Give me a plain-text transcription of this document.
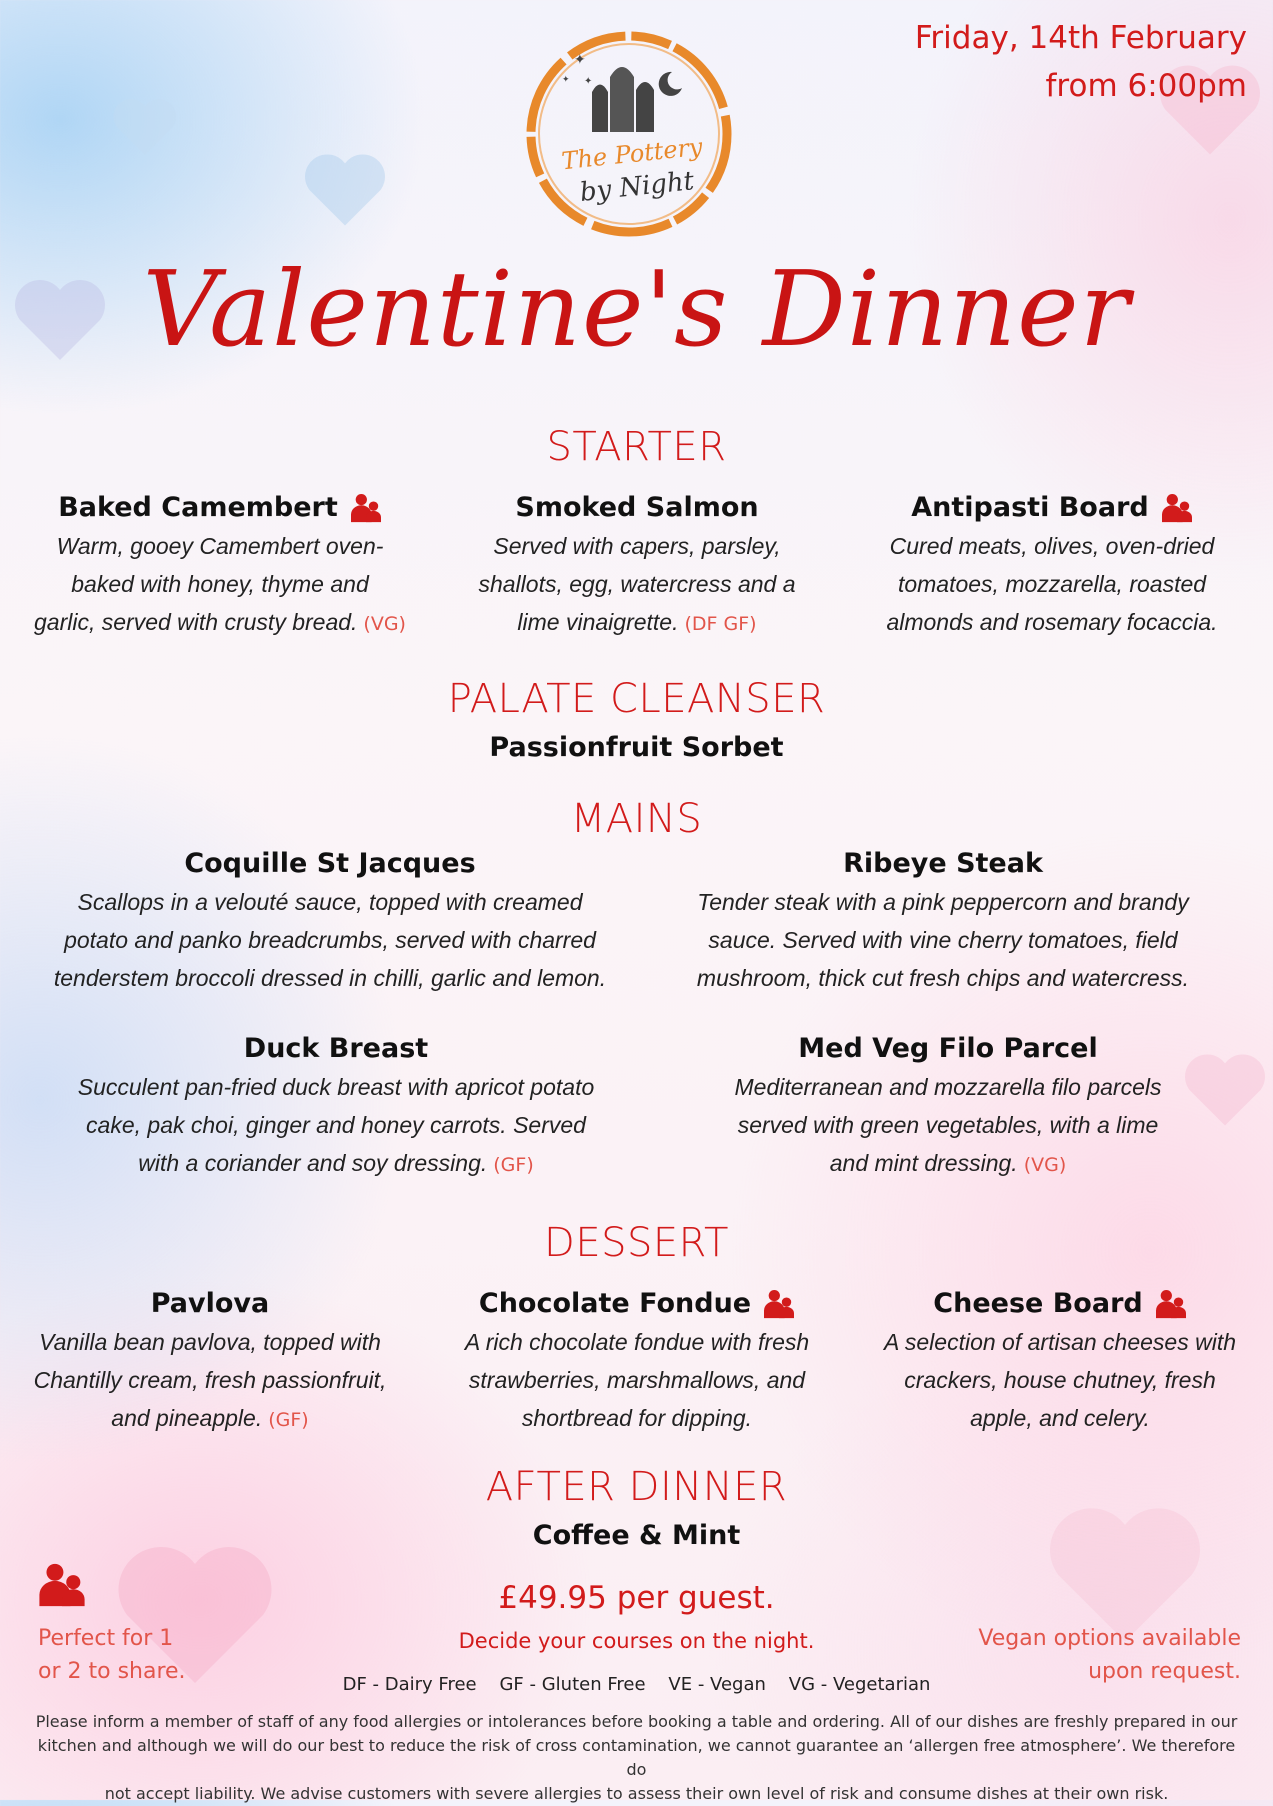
Friday, 14th February
from 6:00pm
✦
✦
✦
The Pottery
by Night
Valentine's Dinner
STARTER
Baked Camembert
Warm, gooey Camembert oven-
baked with honey, thyme and
garlic, served with crusty bread. (VG)
Smoked Salmon
Served with capers, parsley,
shallots, egg, watercress and a
lime vinaigrette. (DF GF)
Antipasti Board
Cured meats, olives, oven-dried
tomatoes, mozzarella, roasted
almonds and rosemary focaccia.
PALATE CLEANSER
Passionfruit Sorbet
MAINS
Coquille St Jacques
Scallops in a velouté sauce, topped with creamed
potato and panko breadcrumbs, served with charred
tenderstem broccoli dressed in chilli, garlic and lemon.
Ribeye Steak
Tender steak with a pink peppercorn and brandy
sauce. Served with vine cherry tomatoes, field
mushroom, thick cut fresh chips and watercress.
Duck Breast
Succulent pan-fried duck breast with apricot potato
cake, pak choi, ginger and honey carrots. Served
with a coriander and soy dressing. (GF)
Med Veg Filo Parcel
Mediterranean and mozzarella filo parcels
served with green vegetables, with a lime
and mint dressing. (VG)
DESSERT
Pavlova
Vanilla bean pavlova, topped with
Chantilly cream, fresh passionfruit,
and pineapple. (GF)
Chocolate Fondue
A rich chocolate fondue with fresh
strawberries, marshmallows, and
shortbread for dipping.
Cheese Board
A selection of artisan cheeses with
crackers, house chutney, fresh
apple, and celery.
AFTER DINNER
Coffee & Mint
Perfect for 1
or 2 to share.
£49.95 per guest.
Decide your courses on the night.	Vegan options available
upon request.
DF - Dairy Free    GF - Gluten Free    VE - Vegan    VG - Vegetarian
Please inform a member of staff of any food allergies or intolerances before booking a table and ordering. All of our dishes are freshly prepared in our
kitchen and although we will do our best to reduce the risk of cross contamination, we cannot guarantee an ‘allergen free atmosphere’. We therefore do
not accept liability. We advise customers with severe allergies to assess their own level of risk and consume dishes at their own risk.
